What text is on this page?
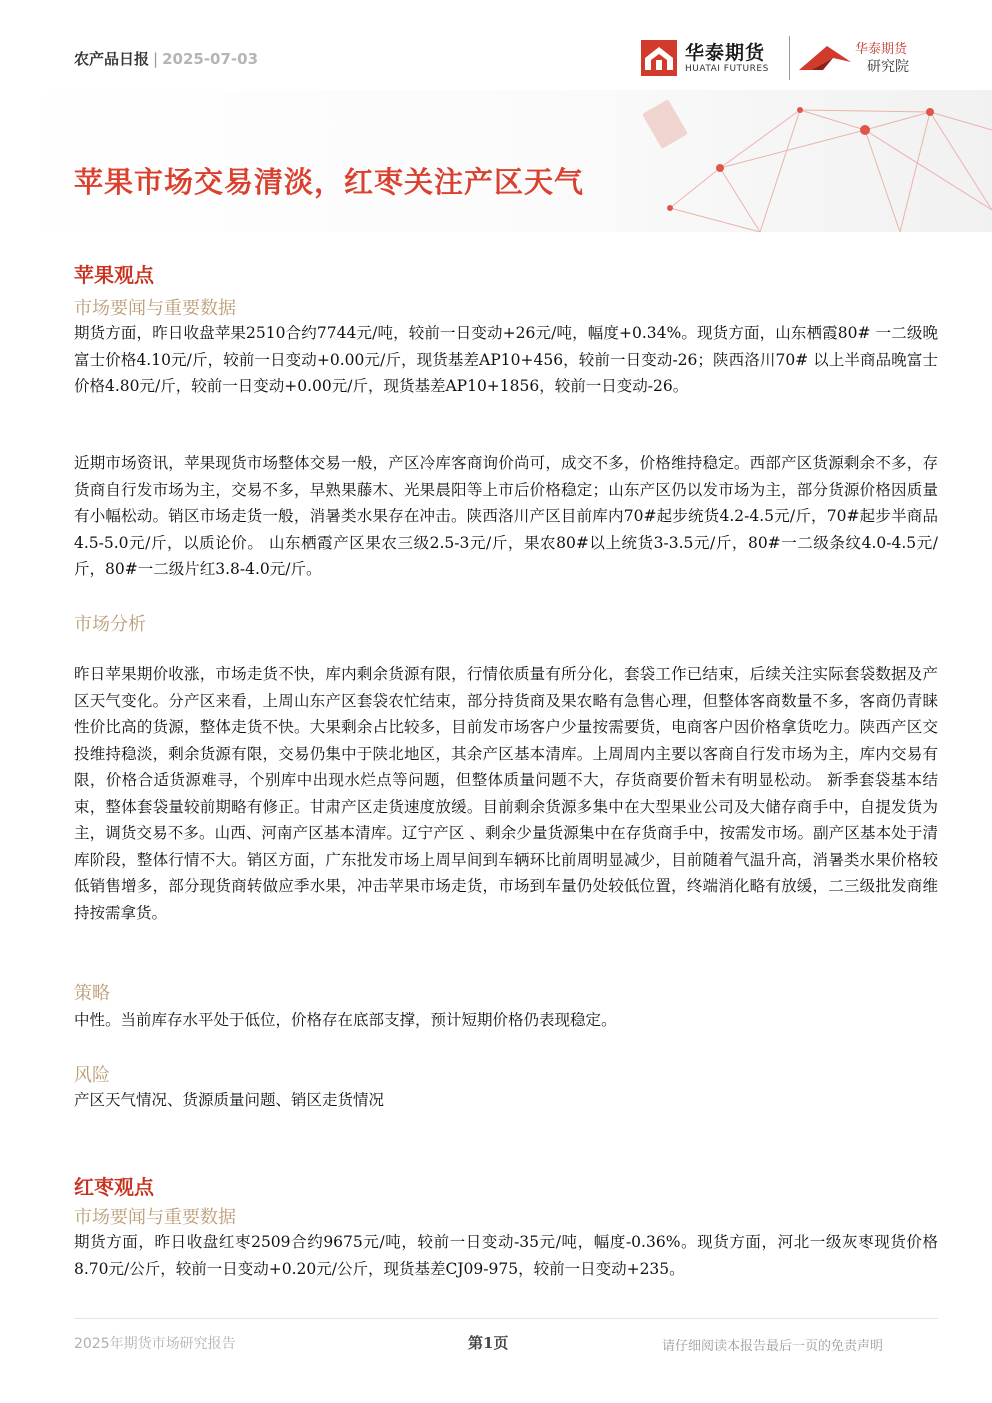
农产品日报 | 2025-07-03	华泰期货
HUATAI FUTURES
华泰期货
研究院
苹果市场交易清淡，红枣关注产区天气
苹果观点
市场要闻与重要数据

期货方面，昨日收盘苹果2510合约7744元/吨，较前一日变动+26元/吨，幅度+0.34%。现货方面，山东栖霞80# 一二级晚富士价格4.10元/斤，较前一日变动+0.00元/斤，现货基差AP10+456，较前一日变动-26；陕西洛川70# 以上半商品晚富士价格4.80元/斤，较前一日变动+0.00元/斤，现货基差AP10+1856，较前一日变动-26。

近期市场资讯，苹果现货市场整体交易一般，产区冷库客商询价尚可，成交不多，价格维持稳定。西部产区货源剩余不多，存货商自行发市场为主，交易不多，早熟果藤木、光果晨阳等上市后价格稳定；山东产区仍以发市场为主，部分货源价格因质量有小幅松动。销区市场走货一般，消暑类水果存在冲击。陕西洛川产区目前库内70#起步统货4.2-4.5元/斤，70#起步半商品4.5-5.0元/斤，以质论价。 山东栖霞产区果农三级2.5-3元/斤，果农80#以上统货3-3.5元/斤，80#一二级条纹4.0-4.5元/斤，80#一二级片红3.8-4.0元/斤。

市场分析

昨日苹果期价收涨，市场走货不快，库内剩余货源有限，行情依质量有所分化，套袋工作已结束，后续关注实际套袋数据及产区天气变化。分产区来看，上周山东产区套袋农忙结束，部分持货商及果农略有急售心理，但整体客商数量不多，客商仍青睐性价比高的货源，整体走货不快。大果剩余占比较多，目前发市场客户少量按需要货，电商客户因价格拿货吃力。陕西产区交投维持稳淡，剩余货源有限，交易仍集中于陕北地区，其余产区基本清库。上周周内主要以客商自行发市场为主，库内交易有限，价格合适货源难寻，个别库中出现水烂点等问题，但整体质量问题不大，存货商要价暂未有明显松动。 新季套袋基本结束，整体套袋量较前期略有修正。甘肃产区走货速度放缓。目前剩余货源多集中在大型果业公司及大储存商手中，自提发货为主，调货交易不多。山西、河南产区基本清库。辽宁产区 、剩余少量货源集中在存货商手中，按需发市场。副产区基本处于清库阶段，整体行情不大。销区方面，广东批发市场上周早间到车辆环比前周明显减少，目前随着气温升高，消暑类水果价格较低销售增多，部分现货商转做应季水果，冲击苹果市场走货，市场到车量仍处较低位置，终端消化略有放缓，二三级批发商维持按需拿货。

策略

中性。当前库存水平处于低位，价格存在底部支撑，预计短期价格仍表现稳定。

风险

产区天气情况、货源质量问题、销区走货情况

红枣观点
市场要闻与重要数据

期货方面，昨日收盘红枣2509合约9675元/吨，较前一日变动-35元/吨，幅度-0.36%。现货方面，河北一级灰枣现货价格8.70元/公斤，较前一日变动+0.20元/公斤，现货基差CJ09-975，较前一日变动+235。

2025年期货市场研究报告	第1页	请仔细阅读本报告最后一页的免责声明
